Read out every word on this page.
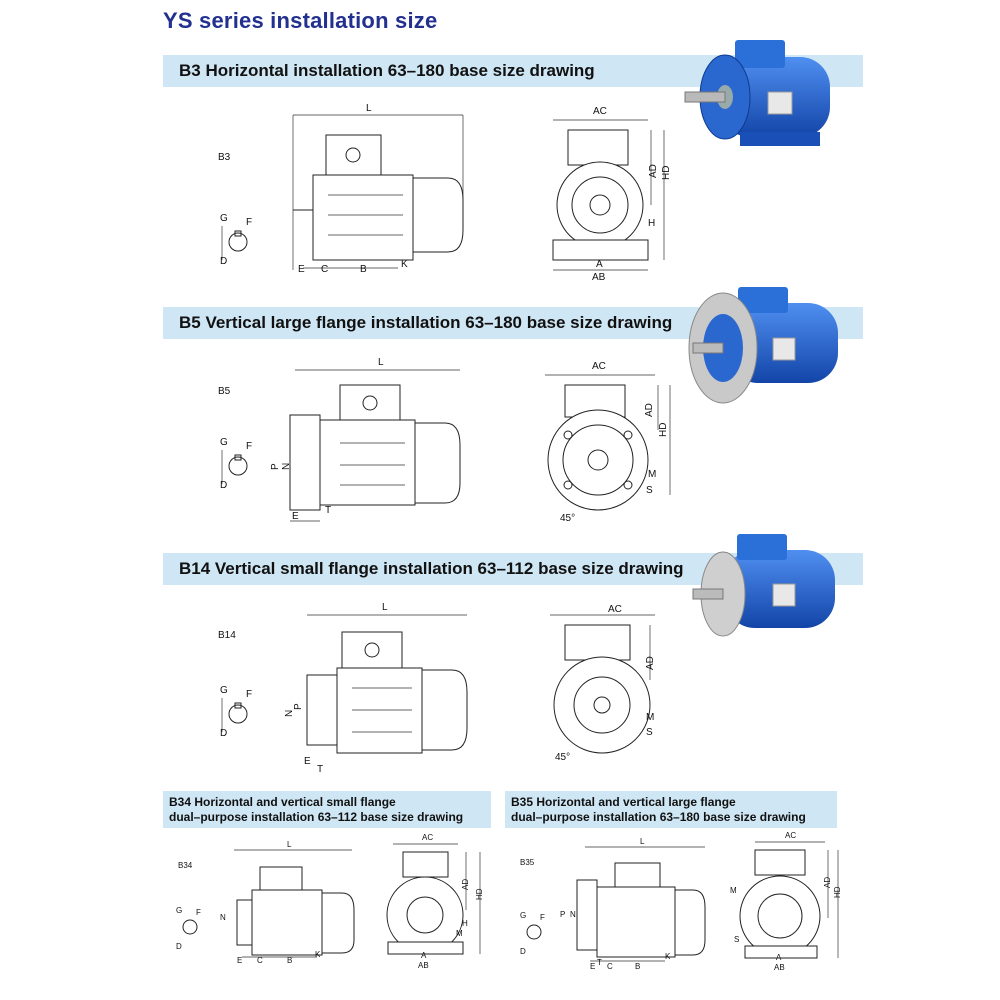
YS series installation size
B3 Horizontal installation 63–180 base size drawing
B5 Vertical large flange installation 63–180 base size drawing
B14 Vertical small flange installation 63–112 base size drawing
B34 Horizontal and vertical small flange
dual–purpose installation 63–112 base size drawing
B35 Horizontal and vertical large flange
dual–purpose installation 63–180 base size drawing
G F
D
G F
D
G F
D
B3
B5
B14
B34	B35
L
E C	B	K
AC
A
AB
AD HD
H
L
P N
E
T
AC
AD
HD
M
S
45°
L
P
N
E
T
AC
AD
M
S
45°
G F
D
L
E C	B
K
N
AC
AD
HD
H
M
A
AB
G F
D
L
P N
E T C	B
K
AC
AD
HD
M
S
A
AB
